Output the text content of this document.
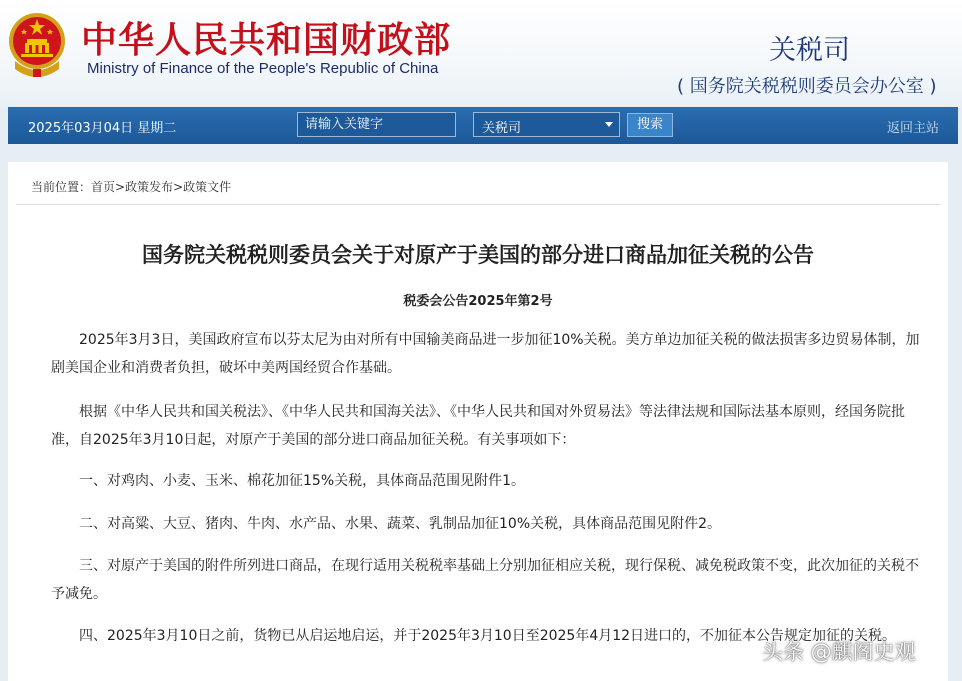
中华人民共和国财政部
Ministry of Finance of the People's Republic of China
关税司
( 国务院关税税则委员会办公室 )
2025年03月04日 星期二
请输入关键字	关税司	搜索	返回主站
当前位置：首页>政策发布>政策文件
国务院关税税则委员会关于对原产于美国的部分进口商品加征关税的公告
税委会公告2025年第2号

2025年3月3日，美国政府宣布以芬太尼为由对所有中国输美商品进一步加征10%关税。美方单边加征关税的做法损害多边贸易体制，加剧美国企业和消费者负担，破坏中美两国经贸合作基础。

根据《中华人民共和国关税法》、《中华人民共和国海关法》、《中华人民共和国对外贸易法》等法律法规和国际法基本原则，经国务院批准，自2025年3月10日起，对原产于美国的部分进口商品加征关税。有关事项如下：

一、对鸡肉、小麦、玉米、棉花加征15%关税，具体商品范围见附件1。

二、对高粱、大豆、猪肉、牛肉、水产品、水果、蔬菜、乳制品加征10%关税，具体商品范围见附件2。

三、对原产于美国的附件所列进口商品，在现行适用关税税率基础上分别加征相应关税，现行保税、减免税政策不变，此次加征的关税不予减免。

四、2025年3月10日之前，货物已从启运地启运，并于2025年3月10日至2025年4月12日进口的，不加征本公告规定加征的关税。

头条 @麒阁史观
